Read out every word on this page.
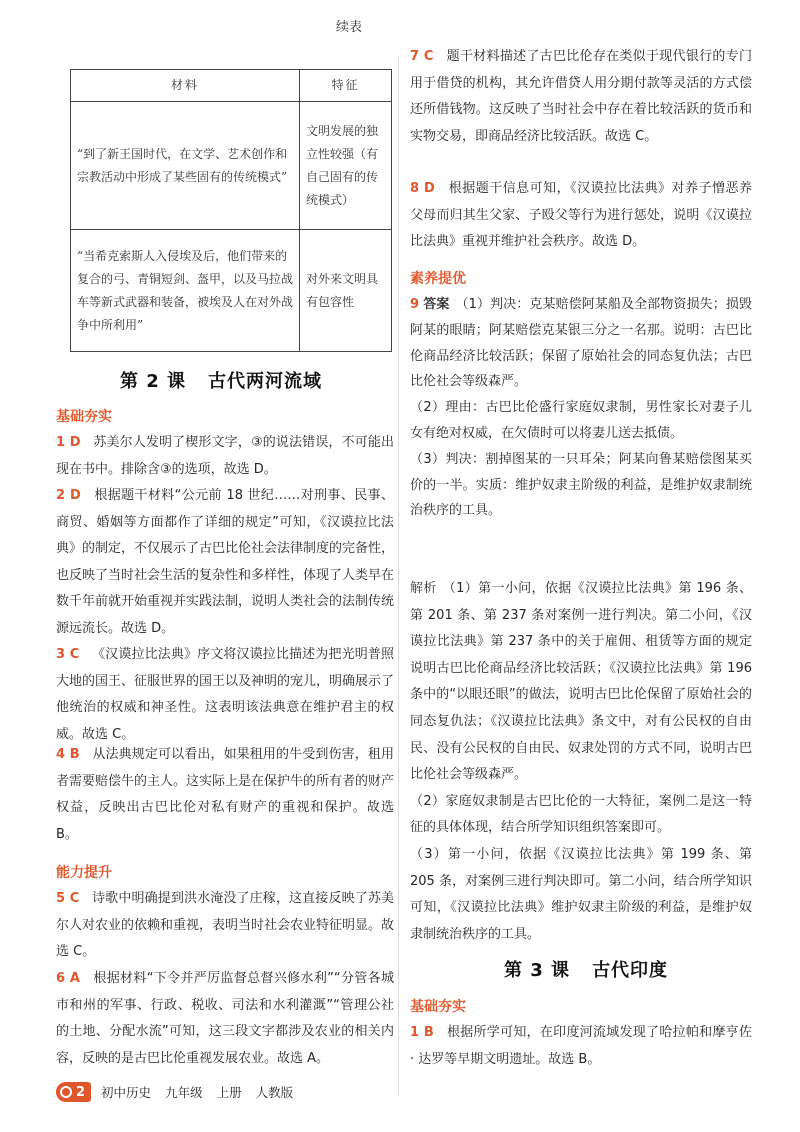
续表
材料	特征
“到了新王国时代，在文学、艺术创作和宗教活动中形成了某些固有的传统模式”	文明发展的独立性较强（有自己固有的传统模式）
“当希克索斯人入侵埃及后，他们带来的复合的弓、青铜短剑、盔甲，以及马拉战车等新式武器和装备，被埃及人在对外战争中所利用”	对外来文明具有包容性
第 2 课 古代两河流域
基础夯实
1 D 苏美尔人发明了楔形文字，③的说法错误，不可能出现在书中。排除含③的选项，故选 D。
2 D 根据题干材料“公元前 18 世纪……对刑事、民事、商贸、婚姻等方面都作了详细的规定”可知，《汉谟拉比法典》的制定，不仅展示了古巴比伦社会法律制度的完备性，也反映了当时社会生活的复杂性和多样性，体现了人类早在数千年前就开始重视并实践法制，说明人类社会的法制传统源远流长。故选 D。
3 C 《汉谟拉比法典》序文将汉谟拉比描述为把光明普照大地的国王、征服世界的国王以及神明的宠儿，明确展示了他统治的权威和神圣性。这表明该法典意在维护君主的权威。故选 C。
4 B 从法典规定可以看出，如果租用的牛受到伤害，租用者需要赔偿牛的主人。这实际上是在保护牛的所有者的财产权益，反映出古巴比伦对私有财产的重视和保护。故选 B。
能力提升
5 C 诗歌中明确提到洪水淹没了庄稼，这直接反映了苏美尔人对农业的依赖和重视，表明当时社会农业特征明显。故选 C。
6 A 根据材料“下令并严厉监督总督兴修水利”“分管各城市和州的军事、行政、税收、司法和水利灌溉”“管理公社的土地、分配水流”可知，这三段文字都涉及农业的相关内容，反映的是古巴比伦重视发展农业。故选 A。
7 C 题干材料描述了古巴比伦存在类似于现代银行的专门用于借贷的机构，其允许借贷人用分期付款等灵活的方式偿还所借钱物。这反映了当时社会中存在着比较活跃的货币和实物交易，即商品经济比较活跃。故选 C。
8 D 根据题干信息可知，《汉谟拉比法典》对养子憎恶养父母而归其生父家、子殴父等行为进行惩处，说明《汉谟拉比法典》重视并维护社会秩序。故选 D。
素养提优
9 答案 （1）判决：克某赔偿阿某船及全部物资损失；损毁阿某的眼睛；阿某赔偿克某银三分之一名那。说明：古巴比伦商品经济比较活跃；保留了原始社会的同态复仇法；古巴比伦社会等级森严。
（2）理由：古巴比伦盛行家庭奴隶制，男性家长对妻子儿女有绝对权威，在欠债时可以将妻儿送去抵债。
（3）判决：割掉图某的一只耳朵；阿某向鲁某赔偿图某买价的一半。实质：维护奴隶主阶级的利益，是维护奴隶制统治秩序的工具。
解析 （1）第一小问，依据《汉谟拉比法典》第 196 条、第 201 条、第 237 条对案例一进行判决。第二小问，《汉谟拉比法典》第 237 条中的关于雇佣、租赁等方面的规定说明古巴比伦商品经济比较活跃；《汉谟拉比法典》第 196 条中的“以眼还眼”的做法，说明古巴比伦保留了原始社会的同态复仇法；《汉谟拉比法典》条文中，对有公民权的自由民、没有公民权的自由民、奴隶处罚的方式不同，说明古巴比伦社会等级森严。
（2）家庭奴隶制是古巴比伦的一大特征，案例二是这一特征的具体体现，结合所学知识组织答案即可。
（3）第一小问，依据《汉谟拉比法典》第 199 条、第 205 条，对案例三进行判决即可。第二小问，结合所学知识可知，《汉谟拉比法典》维护奴隶主阶级的利益，是维护奴隶制统治秩序的工具。
第 3 课 古代印度
基础夯实
1 B 根据所学可知，在印度河流域发现了哈拉帕和摩亨佐 · 达罗等早期文明遗址。故选 B。
2 初中历史 九年级 上册 人教版
